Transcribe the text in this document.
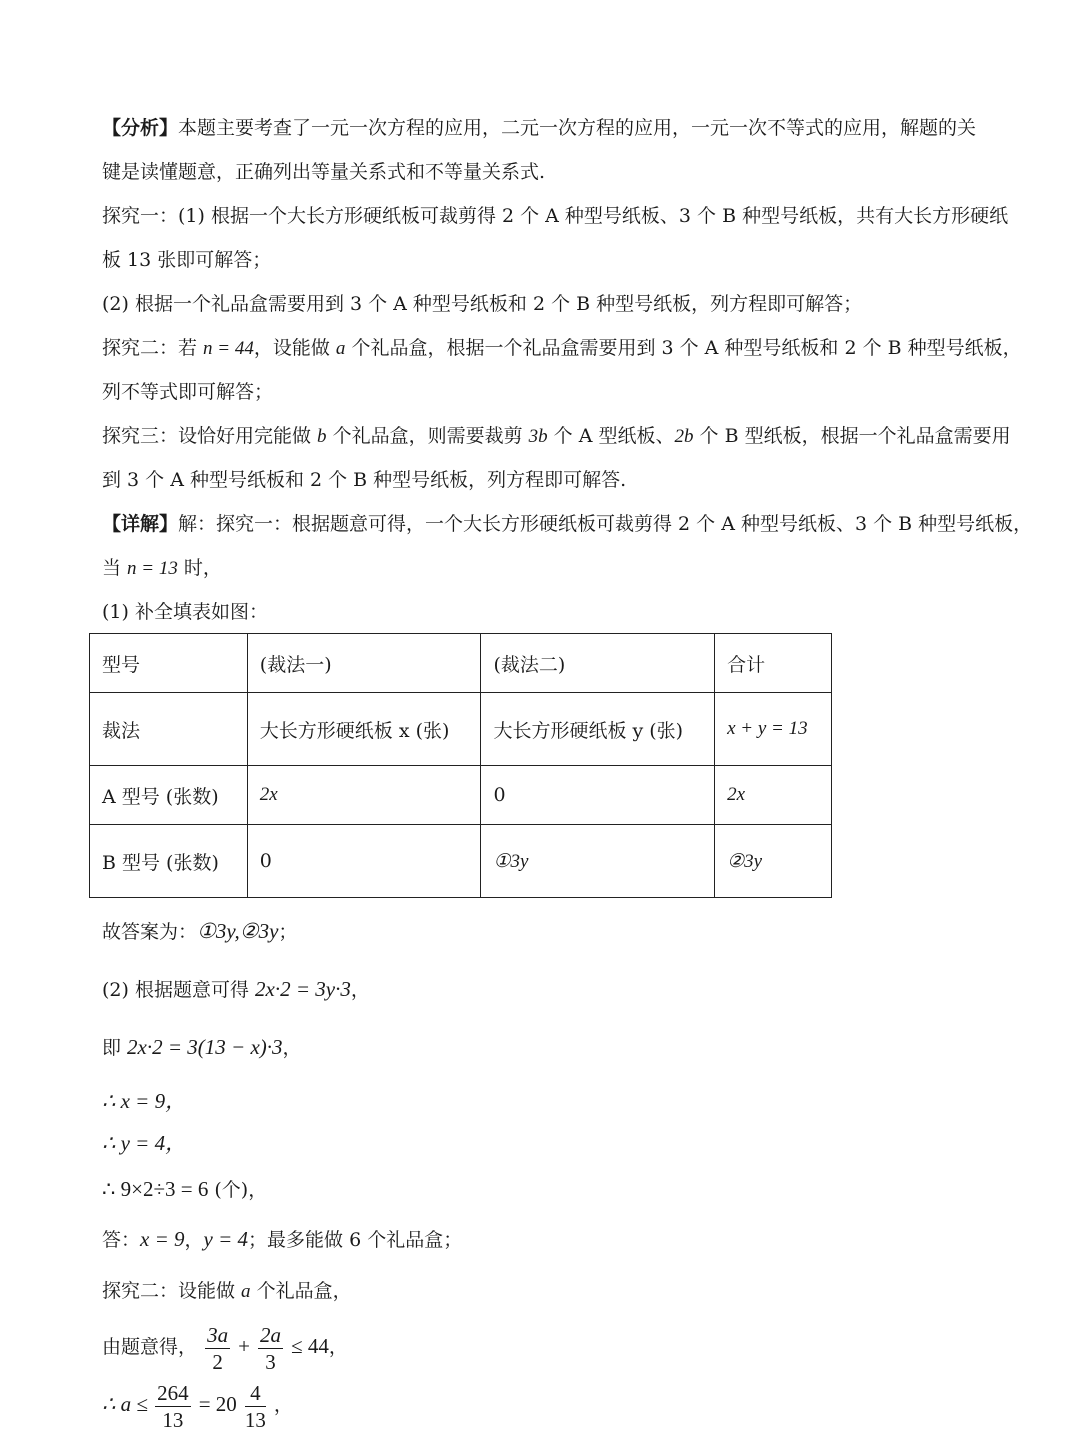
【分析】本题主要考查了一元一次方程的应用，二元一次方程的应用，一元一次不等式的应用，解题的关
键是读懂题意，正确列出等量关系式和不等量关系式.
探究一：(1) 根据一个大长方形硬纸板可裁剪得 2 个 A 种型号纸板、3 个 B 种型号纸板，共有大长方形硬纸
板 13 张即可解答；
(2) 根据一个礼品盒需要用到 3 个 A 种型号纸板和 2 个 B 种型号纸板，列方程即可解答；
探究二：若 n = 44，设能做 a 个礼品盒，根据一个礼品盒需要用到 3 个 A 种型号纸板和 2 个 B 种型号纸板，
列不等式即可解答；
探究三：设恰好用完能做 b 个礼品盒，则需要裁剪 3b 个 A 型纸板、2b 个 B 型纸板，根据一个礼品盒需要用
到 3 个 A 种型号纸板和 2 个 B 种型号纸板，列方程即可解答.
【详解】解：探究一：根据题意可得，一个大长方形硬纸板可裁剪得 2 个 A 种型号纸板、3 个 B 种型号纸板，
当 n = 13 时，
(1) 补全填表如图：
型号	(裁法一)	(裁法二)	合计
裁法	大长方形硬纸板 x (张)	大长方形硬纸板 y (张)	x + y = 13
A 型号 (张数)	2x	0	2x
B 型号 (张数)	0	①3y	②3y
故答案为：①3y,②3y；
(2) 根据题意可得 2x·2 = 3y·3，
即 2x·2 = 3(13 − x)·3，
∴ x = 9，
∴ y = 4，
∴ 9×2÷3 = 6 (个)，
答：x = 9，y = 4；最多能做 6 个礼品盒；
探究二：设能做 a 个礼品盒，
由题意得， $\frac{3a}{2} + \frac{2a}{3} \le 44$，
∴ $a \le \frac{264}{13} = 20 \frac{4}{13}$ ，
